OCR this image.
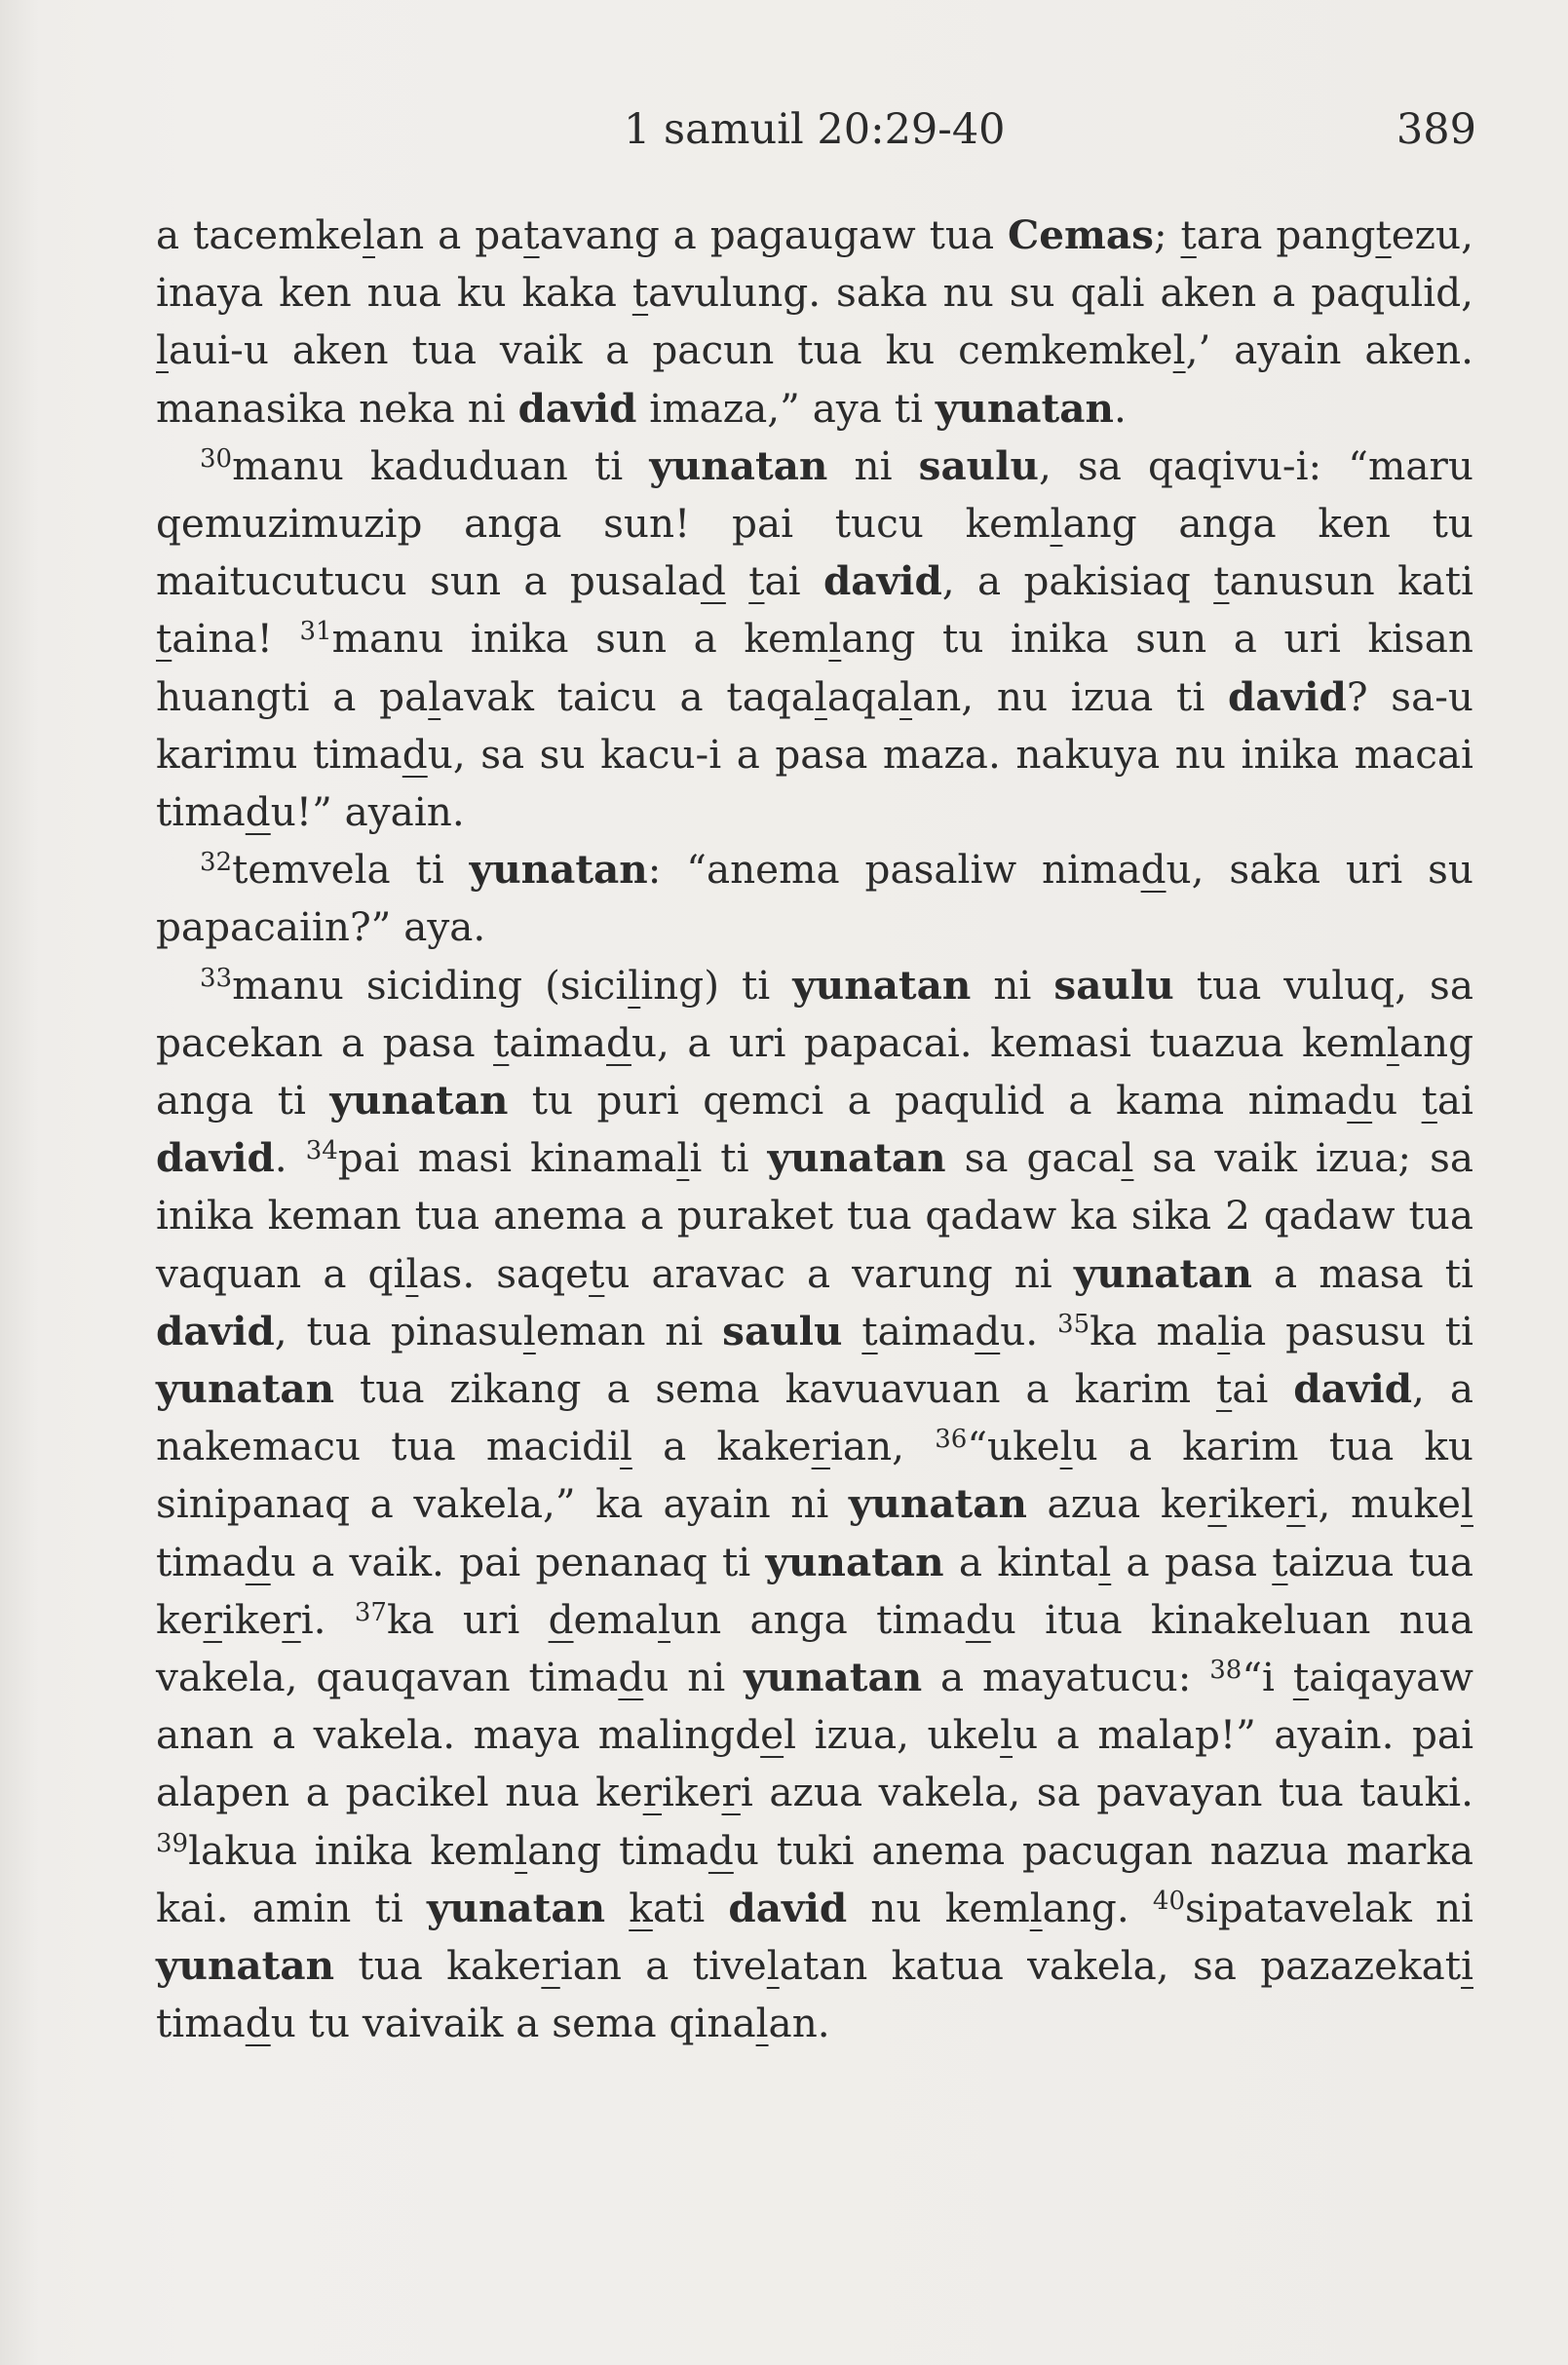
1 samuil 20:29-40	389

a tacemkelan a patavang a pagaugaw tua Cemas; tara pangtezu, inaya ken nua ku kaka tavulung. saka nu su qali aken a paqulid, laui-u aken tua vaik a pacun tua ku cemkemkel,’ ayain aken. manasika neka ni david imaza,” aya ti yunatan.

$^{30}$manu kaduduan ti yunatan ni saulu, sa qaqivu-i: “maru qemuzimuzip anga sun! pai tucu kemlang anga ken tu maitucutucu sun a pusalad tai david, a pakisiaq tanusun kati taina! $^{31}$manu inika sun a kemlang tu inika sun a uri kisan huangti a palavak taicu a taqalaqalan, nu izua ti david? sa-u karimu timadu, sa su kacu-i a pasa maza. nakuya nu inika macai timadu!” ayain.

$^{32}$temvela ti yunatan: “anema pasaliw nimadu, saka uri su papacaiin?” aya.

$^{33}$manu siciding (siciling) ti yunatan ni saulu tua vuluq, sa pacekan a pasa taimadu, a uri papacai. kemasi tuazua kemlang anga ti yunatan tu puri qemci a paqulid a kama nimadu tai david. $^{34}$pai masi kinamali ti yunatan sa gacal sa vaik izua; sa inika keman tua anema a puraket tua qadaw ka sika 2 qadaw tua vaquan a qilas. saqetu aravac a varung ni yunatan a masa ti david, tua pinasuleman ni saulu taimadu. $^{35}$ka malia pasusu ti yunatan tua zikang a sema kavuavuan a karim tai david, a nakemacu tua macidil a kakerian, $^{36}$“ukelu a karim tua ku sinipanaq a vakela,” ka ayain ni yunatan azua kerikeri, mukel timadu a vaik. pai penanaq ti yunatan a kintal a pasa taizua tua kerikeri. $^{37}$ka uri demalun anga timadu itua kinakeluan nua vakela, qauqavan timadu ni yunatan a mayatucu: $^{38}$“i taiqayaw anan a vakela. maya malingdel izua, ukelu a malap!” ayain. pai alapen a pacikel nua kerikeri azua vakela, sa pavayan tua tauki. $^{39}$lakua inika kemlang timadu tuki anema pacugan nazua marka kai. amin ti yunatan kati david nu kemlang. $^{40}$sipatavelak ni yunatan tua kakerian a tivelatan katua vakela, sa pazazekati timadu tu vaivaik a sema qinalan.
